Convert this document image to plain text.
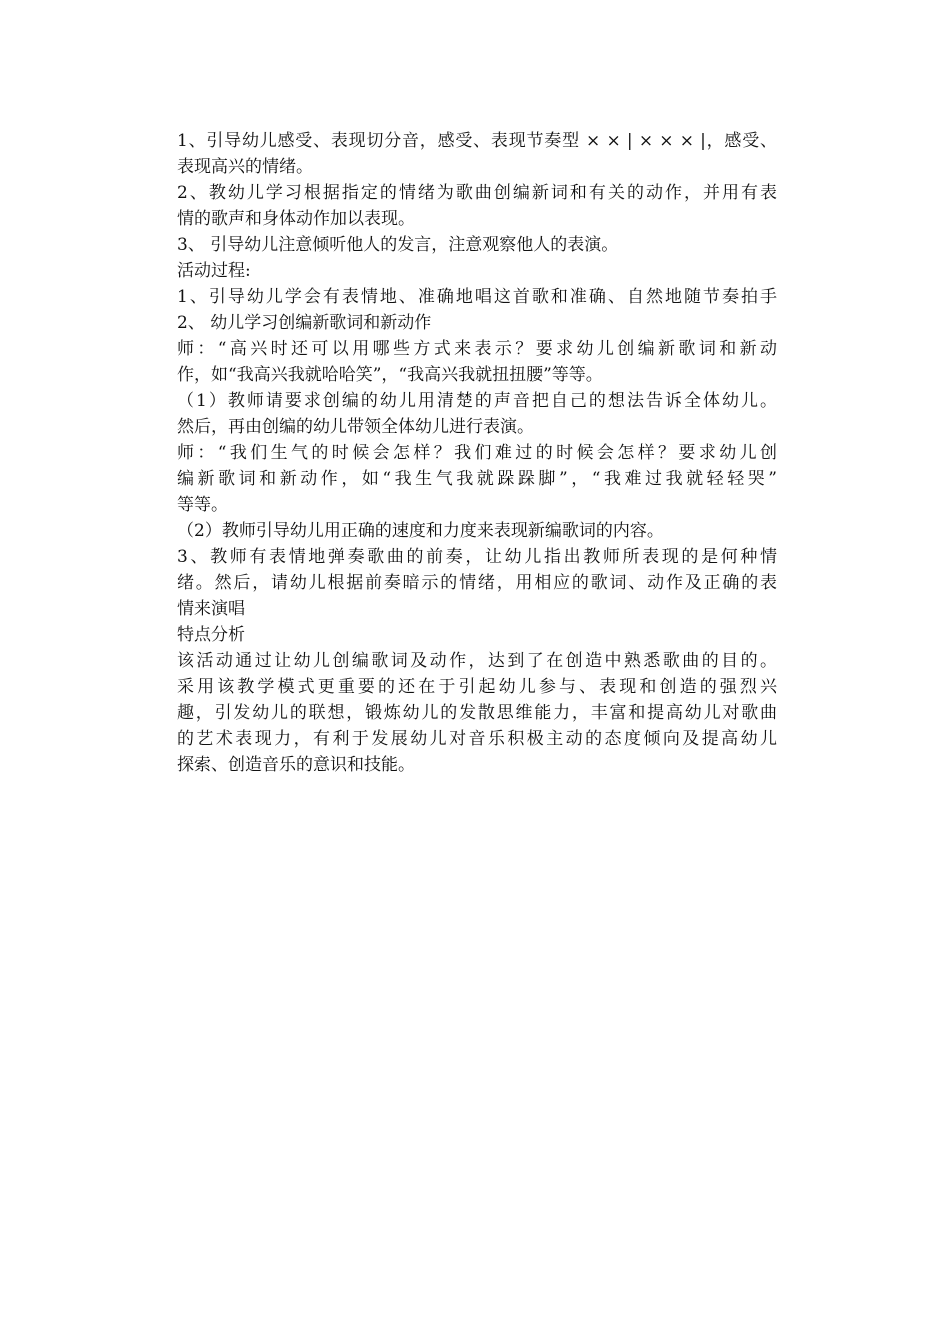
1、引导幼儿感受、表现切分音，感受、表现节奏型 × × | × × × |，感受、
表现高兴的情绪。
2、教幼儿学习根据指定的情绪为歌曲创编新词和有关的动作，并用有表
情的歌声和身体动作加以表现。
3、 引导幼儿注意倾听他人的发言，注意观察他人的表演。
活动过程:
1、引导幼儿学会有表情地、准确地唱这首歌和准确、自然地随节奏拍手
2、 幼儿学习创编新歌词和新动作
师：“高兴时还可以用哪些方式来表示？要求幼儿创编新歌词和新动
作，如“我高兴我就哈哈笑”，“我高兴我就扭扭腰”等等。
（1）教师请要求创编的幼儿用清楚的声音把自己的想法告诉全体幼儿。
然后，再由创编的幼儿带领全体幼儿进行表演。
师：“我们生气的时候会怎样？我们难过的时候会怎样？要求幼儿创
编新歌词和新动作，如“我生气我就跺跺脚”，“我难过我就轻轻哭”
等等。
（2）教师引导幼儿用正确的速度和力度来表现新编歌词的内容。
3、教师有表情地弹奏歌曲的前奏，让幼儿指出教师所表现的是何种情
绪。然后，请幼儿根据前奏暗示的情绪，用相应的歌词、动作及正确的表
情来演唱
特点分析
该活动通过让幼儿创编歌词及动作，达到了在创造中熟悉歌曲的目的。
采用该教学模式更重要的还在于引起幼儿参与、表现和创造的强烈兴
趣，引发幼儿的联想，锻炼幼儿的发散思维能力，丰富和提高幼儿对歌曲
的艺术表现力，有利于发展幼儿对音乐积极主动的态度倾向及提高幼儿
探索、创造音乐的意识和技能。
